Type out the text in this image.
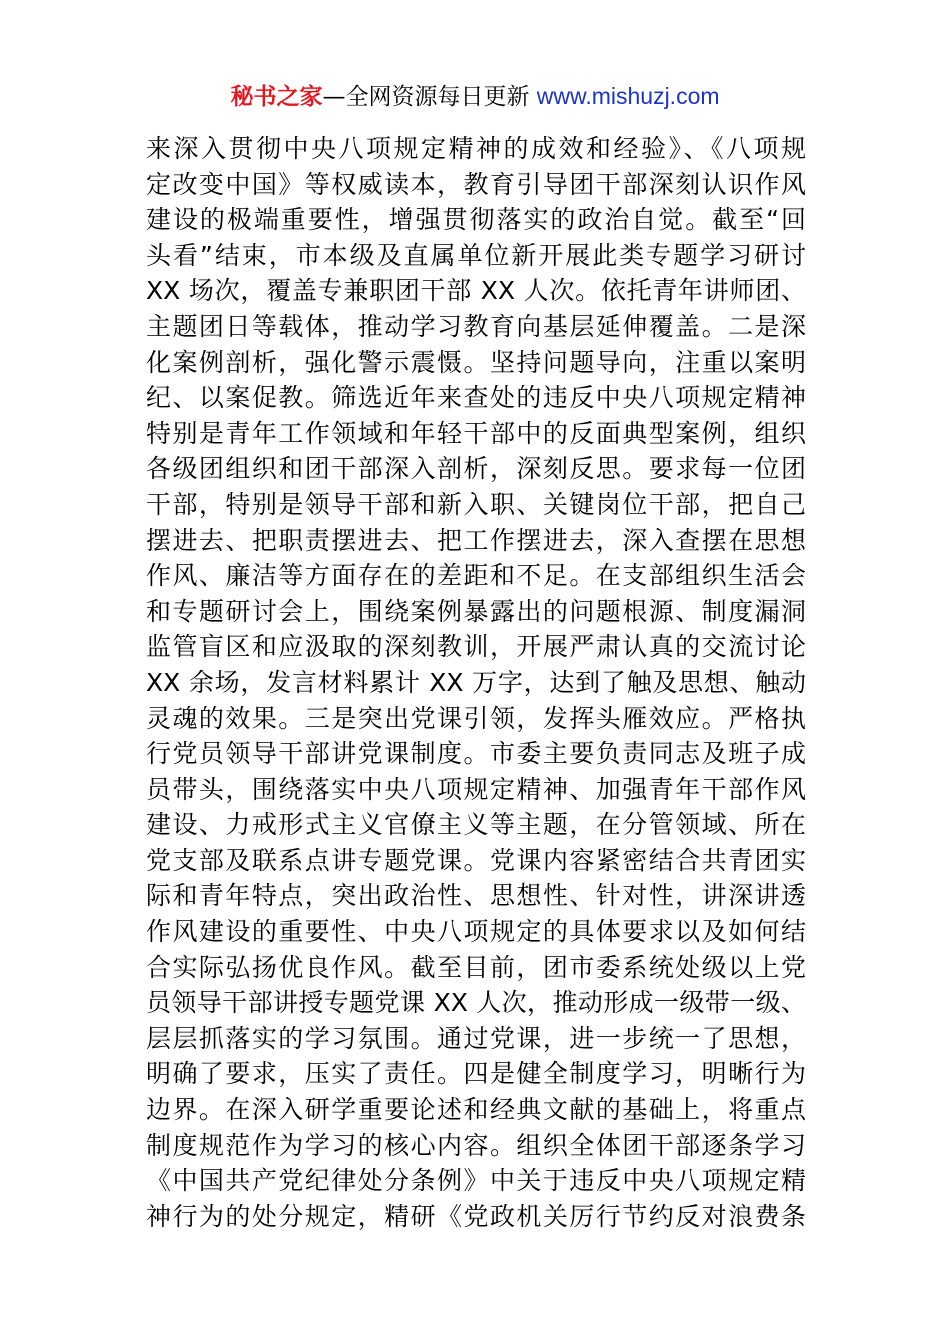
秘书之家—全网资源每日更新 www.mishuzj.com
来深入贯彻中央八项规定精神的成效和经验》、《八项规
定改变中国》等权威读本，教育引导团干部深刻认识作风
建设的极端重要性，增强贯彻落实的政治自觉。截至“回
头看”结束，市本级及直属单位新开展此类专题学习研讨
XX 场次，覆盖专兼职团干部 XX 人次。依托青年讲师团、
主题团日等载体，推动学习教育向基层延伸覆盖。二是深
化案例剖析，强化警示震慑。坚持问题导向，注重以案明
纪、以案促教。筛选近年来查处的违反中央八项规定精神
特别是青年工作领域和年轻干部中的反面典型案例，组织
各级团组织和团干部深入剖析，深刻反思。要求每一位团
干部，特别是领导干部和新入职、关键岗位干部，把自己
摆进去、把职责摆进去、把工作摆进去，深入查摆在思想
作风、廉洁等方面存在的差距和不足。在支部组织生活会
和专题研讨会上，围绕案例暴露出的问题根源、制度漏洞
监管盲区和应汲取的深刻教训，开展严肃认真的交流讨论
XX 余场，发言材料累计 XX 万字，达到了触及思想、触动
灵魂的效果。三是突出党课引领，发挥头雁效应。严格执
行党员领导干部讲党课制度。市委主要负责同志及班子成
员带头，围绕落实中央八项规定精神、加强青年干部作风
建设、力戒形式主义官僚主义等主题，在分管领域、所在
党支部及联系点讲专题党课。党课内容紧密结合共青团实
际和青年特点，突出政治性、思想性、针对性，讲深讲透
作风建设的重要性、中央八项规定的具体要求以及如何结
合实际弘扬优良作风。截至目前，团市委系统处级以上党
员领导干部讲授专题党课 XX 人次，推动形成一级带一级、
层层抓落实的学习氛围。通过党课，进一步统一了思想，
明确了要求，压实了责任。四是健全制度学习，明晰行为
边界。在深入研学重要论述和经典文献的基础上，将重点
制度规范作为学习的核心内容。组织全体团干部逐条学习
《中国共产党纪律处分条例》中关于违反中央八项规定精
神行为的处分规定，精研《党政机关厉行节约反对浪费条
